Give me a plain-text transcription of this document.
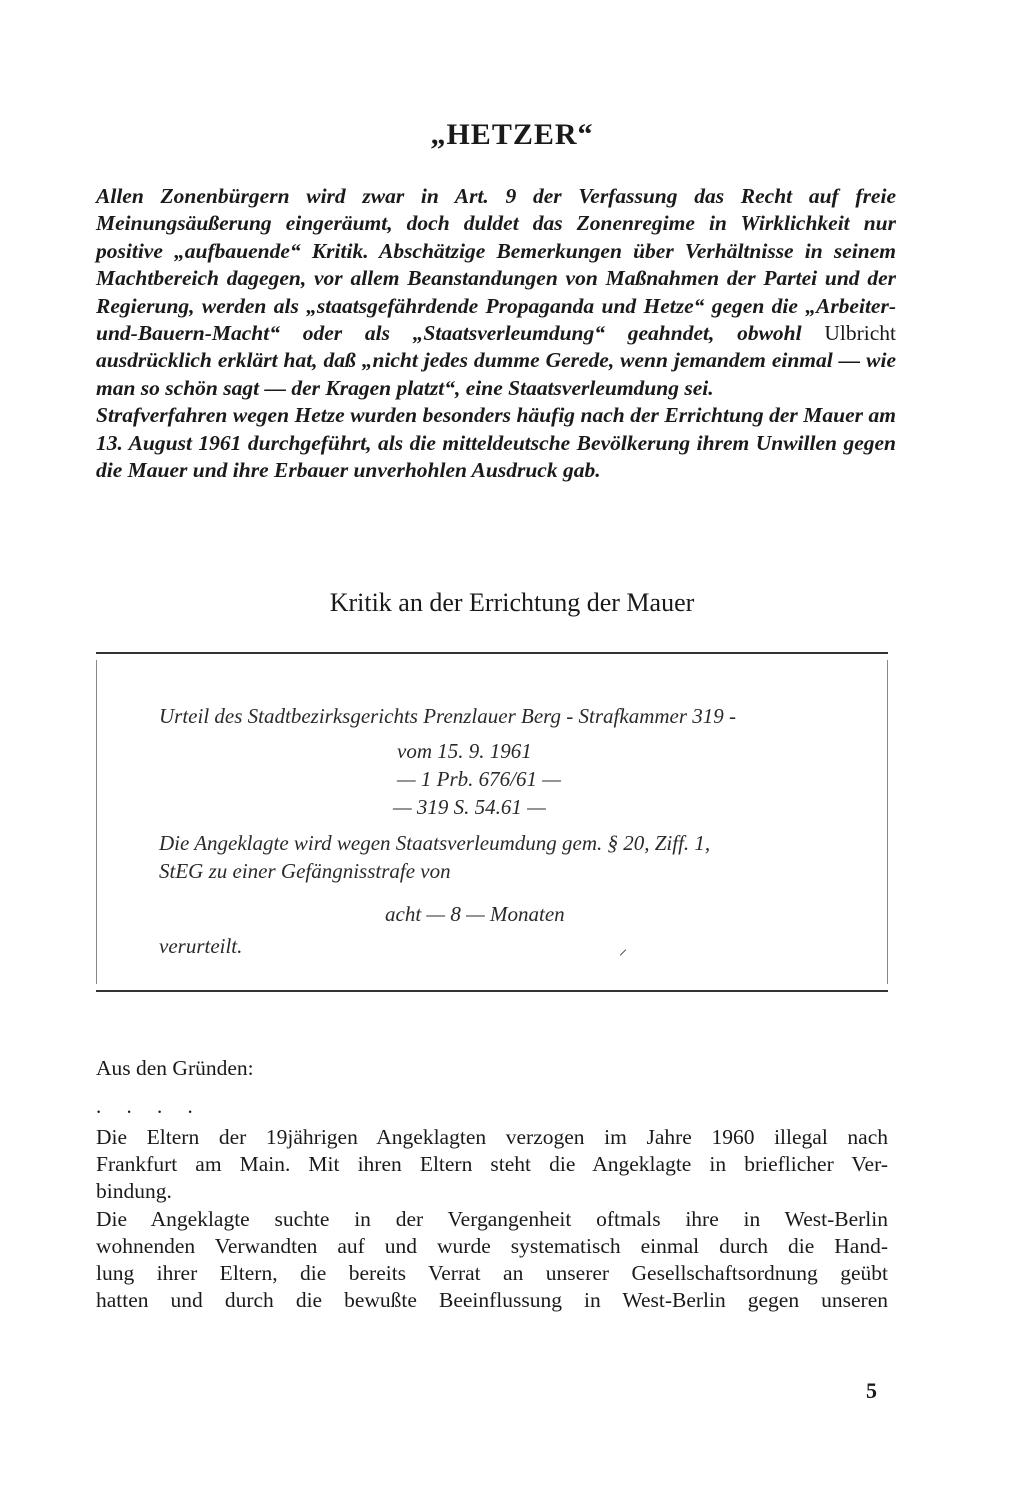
„HETZER“

Allen Zonenbürgern wird zwar in Art. 9 der Verfassung das Recht auf freie Meinungsäußerung eingeräumt, doch duldet das Zonenregime in Wirklichkeit nur positive „aufbauende“ Kritik. Abschätzige Bemerkungen über Verhältnisse in seinem Machtbereich dagegen, vor allem Beanstandungen von Maßnahmen der Partei und der Regierung, werden als „staatsgefährdende Propaganda und Hetze“ gegen die „Arbeiter-und-Bauern-Macht“ oder als „Staatsverleumdung“ geahndet, obwohl Ulbricht ausdrücklich erklärt hat, daß „nicht jedes dumme Gerede, wenn jemandem einmal — wie man so schön sagt — der Kragen platzt“, eine Staatsverleumdung sei.

Strafverfahren wegen Hetze wurden besonders häufig nach der Errichtung der Mauer am 13. August 1961 durchgeführt, als die mitteldeutsche Bevölkerung ihrem Unwillen gegen die Mauer und ihre Erbauer unverhohlen Ausdruck gab.

Kritik an der Errichtung der Mauer
Urteil des Stadtbezirksgerichts Prenzlauer Berg - Strafkammer 319 -
vom 15. 9. 1961
— 1 Prb. 676/61 —
— 319 S. 54.61 —
Die Angeklagte wird wegen Staatsverleumdung gem. § 20, Ziff. 1,
StEG zu einer Gefängnisstrafe von
acht — 8 — Monaten
verurteilt.
Aus den Gründen:
. . . .
Die Eltern der 19jährigen Angeklagten verzogen im Jahre 1960 illegal nach
Frankfurt am Main. Mit ihren Eltern steht die Angeklagte in brieflicher Ver-
bindung.
Die Angeklagte suchte in der Vergangenheit oftmals ihre in West-Berlin
wohnenden Verwandten auf und wurde systematisch einmal durch die Hand-
lung ihrer Eltern, die bereits Verrat an unserer Gesellschaftsordnung geübt
hatten und durch die bewußte Beeinflussung in West-Berlin gegen unseren
5
